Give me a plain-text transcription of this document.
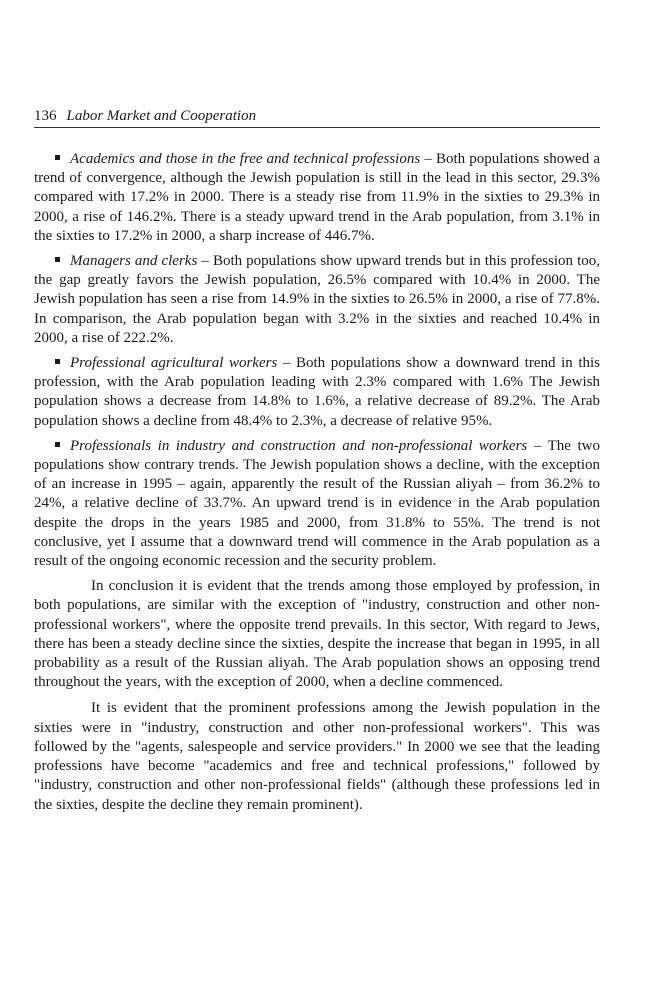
136 Labor Market and Cooperation

Academics and those in the free and technical professions – Both populations showed a trend of convergence, although the Jewish population is still in the lead in this sector, 29.3% compared with 17.2% in 2000. There is a steady rise from 11.9% in the sixties to 29.3% in 2000, a rise of 146.2%. There is a steady upward trend in the Arab population, from 3.1% in the sixties to 17.2% in 2000, a sharp increase of 446.7%.

Managers and clerks – Both populations show upward trends but in this profession too, the gap greatly favors the Jewish population, 26.5% compared with 10.4% in 2000. The Jewish population has seen a rise from 14.9% in the sixties to 26.5% in 2000, a rise of 77.8%. In comparison, the Arab population began with 3.2% in the sixties and reached 10.4% in 2000, a rise of 222.2%.

Professional agricultural workers – Both populations show a downward trend in this profession, with the Arab population leading with 2.3% compared with 1.6% The Jewish population shows a decrease from 14.8% to 1.6%, a relative decrease of 89.2%. The Arab population shows a decline from 48.4% to 2.3%, a decrease of relative 95%.

Professionals in industry and construction and non-professional workers – The two populations show contrary trends. The Jewish population shows a decline, with the exception of an increase in 1995 – again, apparently the result of the Russian aliyah – from 36.2% to 24%, a relative decline of 33.7%. An upward trend is in evidence in the Arab population despite the drops in the years 1985 and 2000, from 31.8% to 55%. The trend is not conclusive, yet I assume that a downward trend will commence in the Arab population as a result of the ongoing economic recession and the security problem.

In conclusion it is evident that the trends among those employed by profession, in both populations, are similar with the exception of "industry, construction and other non-professional workers", where the opposite trend prevails. In this sector, With regard to Jews, there has been a steady decline since the sixties, despite the increase that began in 1995, in all probability as a result of the Russian aliyah. The Arab population shows an opposing trend throughout the years, with the exception of 2000, when a decline commenced.

It is evident that the prominent professions among the Jewish population in the sixties were in "industry, construction and other non-professional workers". This was followed by the "agents, salespeople and service providers." In 2000 we see that the leading professions have become "academics and free and technical professions," followed by "industry, construction and other non-professional fields" (although these professions led in the sixties, despite the decline they remain prominent).
